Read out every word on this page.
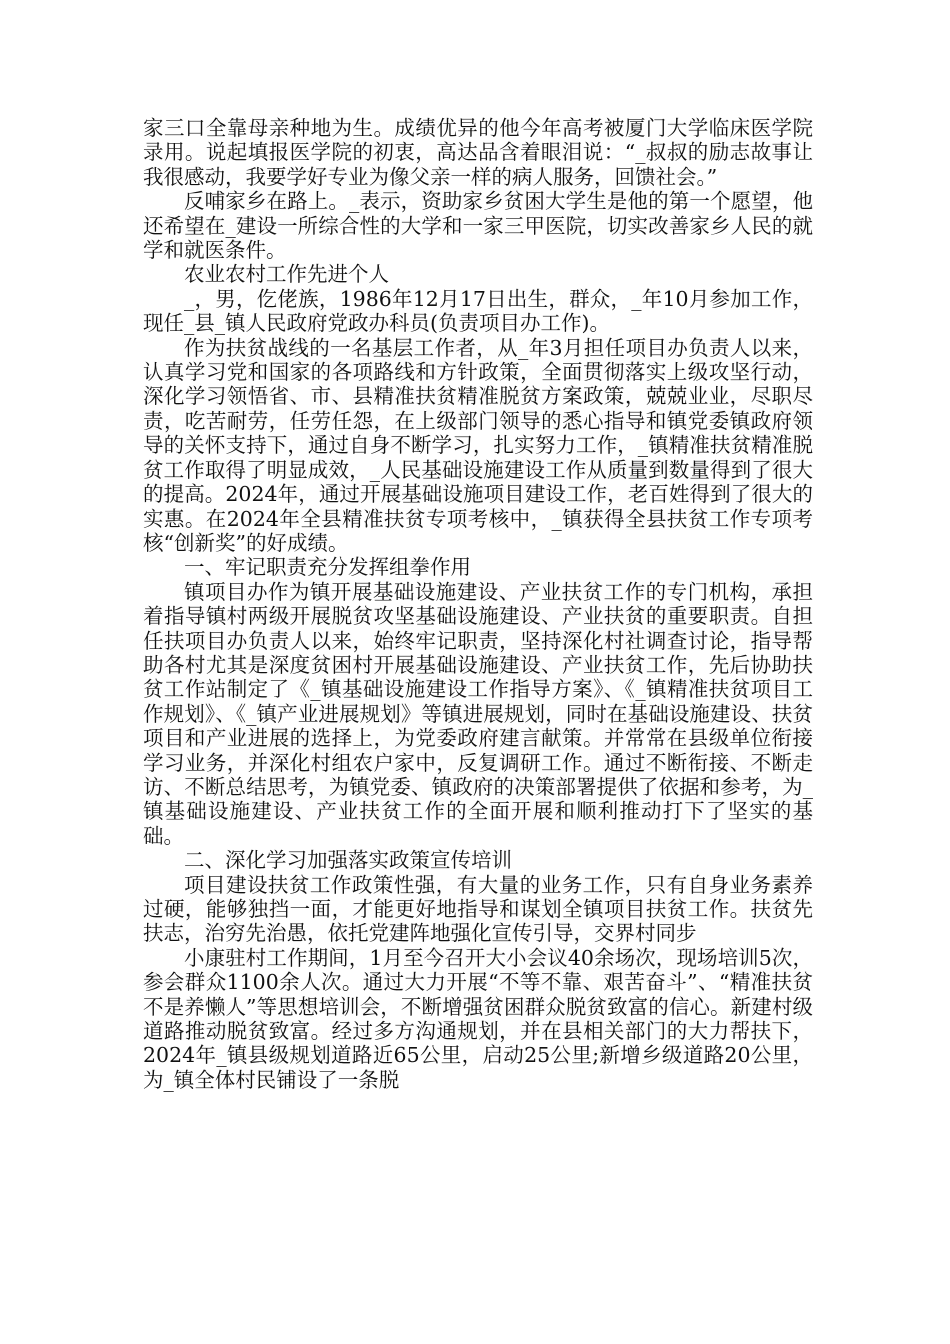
家三口全靠母亲种地为生。成绩优异的他今年高考被厦门大学临床医学院录用。说起填报医学院的初衷，高达品含着眼泪说：“_叔叔的励志故事让我很感动，我要学好专业为像父亲一样的病人服务，回馈社会。”

反哺家乡在路上。_表示，资助家乡贫困大学生是他的第一个愿望，他还希望在_建设一所综合性的大学和一家三甲医院，切实改善家乡人民的就学和就医条件。

农业农村工作先进个人

_，男，仡佬族，1986年12月17日出生，群众，_年10月参加工作，现任_县_镇人民政府党政办科员(负责项目办工作)。

作为扶贫战线的一名基层工作者，从_年3月担任项目办负责人以来，认真学习党和国家的各项路线和方针政策，全面贯彻落实上级攻坚行动，深化学习领悟省、市、县精准扶贫精准脱贫方案政策，兢兢业业，尽职尽责，吃苦耐劳，任劳任怨，在上级部门领导的悉心指导和镇党委镇政府领导的关怀支持下，通过自身不断学习，扎实努力工作，_镇精准扶贫精准脱贫工作取得了明显成效，_人民基础设施建设工作从质量到数量得到了很大的提高。2024年，通过开展基础设施项目建设工作，老百姓得到了很大的实惠。在2024年全县精准扶贫专项考核中，_镇获得全县扶贫工作专项考核“创新奖”的好成绩。

一、牢记职责充分发挥组拳作用

镇项目办作为镇开展基础设施建设、产业扶贫工作的专门机构，承担着指导镇村两级开展脱贫攻坚基础设施建设、产业扶贫的重要职责。自担任扶项目办负责人以来，始终牢记职责，坚持深化村社调查讨论，指导帮助各村尤其是深度贫困村开展基础设施建设、产业扶贫工作，先后协助扶贫工作站制定了《_镇基础设施建设工作指导方案》、《_镇精准扶贫项目工作规划》、《_镇产业进展规划》等镇进展规划，同时在基础设施建设、扶贫项目和产业进展的选择上，为党委政府建言献策。并常常在县级单位衔接学习业务，并深化村组农户家中，反复调研工作。通过不断衔接、不断走访、不断总结思考，为镇党委、镇政府的决策部署提供了依据和参考，为_镇基础设施建设、产业扶贫工作的全面开展和顺利推动打下了坚实的基础。

二、深化学习加强落实政策宣传培训

项目建设扶贫工作政策性强，有大量的业务工作，只有自身业务素养过硬，能够独挡一面，才能更好地指导和谋划全镇项目扶贫工作。扶贫先扶志，治穷先治愚，依托党建阵地强化宣传引导，交界村同步

小康驻村工作期间，1月至今召开大小会议40余场次，现场培训5次，参会群众1100余人次。通过大力开展“不等不靠、艰苦奋斗”、“精准扶贫不是养懒人”等思想培训会，不断增强贫困群众脱贫致富的信心。新建村级道路推动脱贫致富。经过多方沟通规划，并在县相关部门的大力帮扶下，2024年_镇县级规划道路近65公里，启动25公里;新增乡级道路20公里，为_镇全体村民铺设了一条脱
